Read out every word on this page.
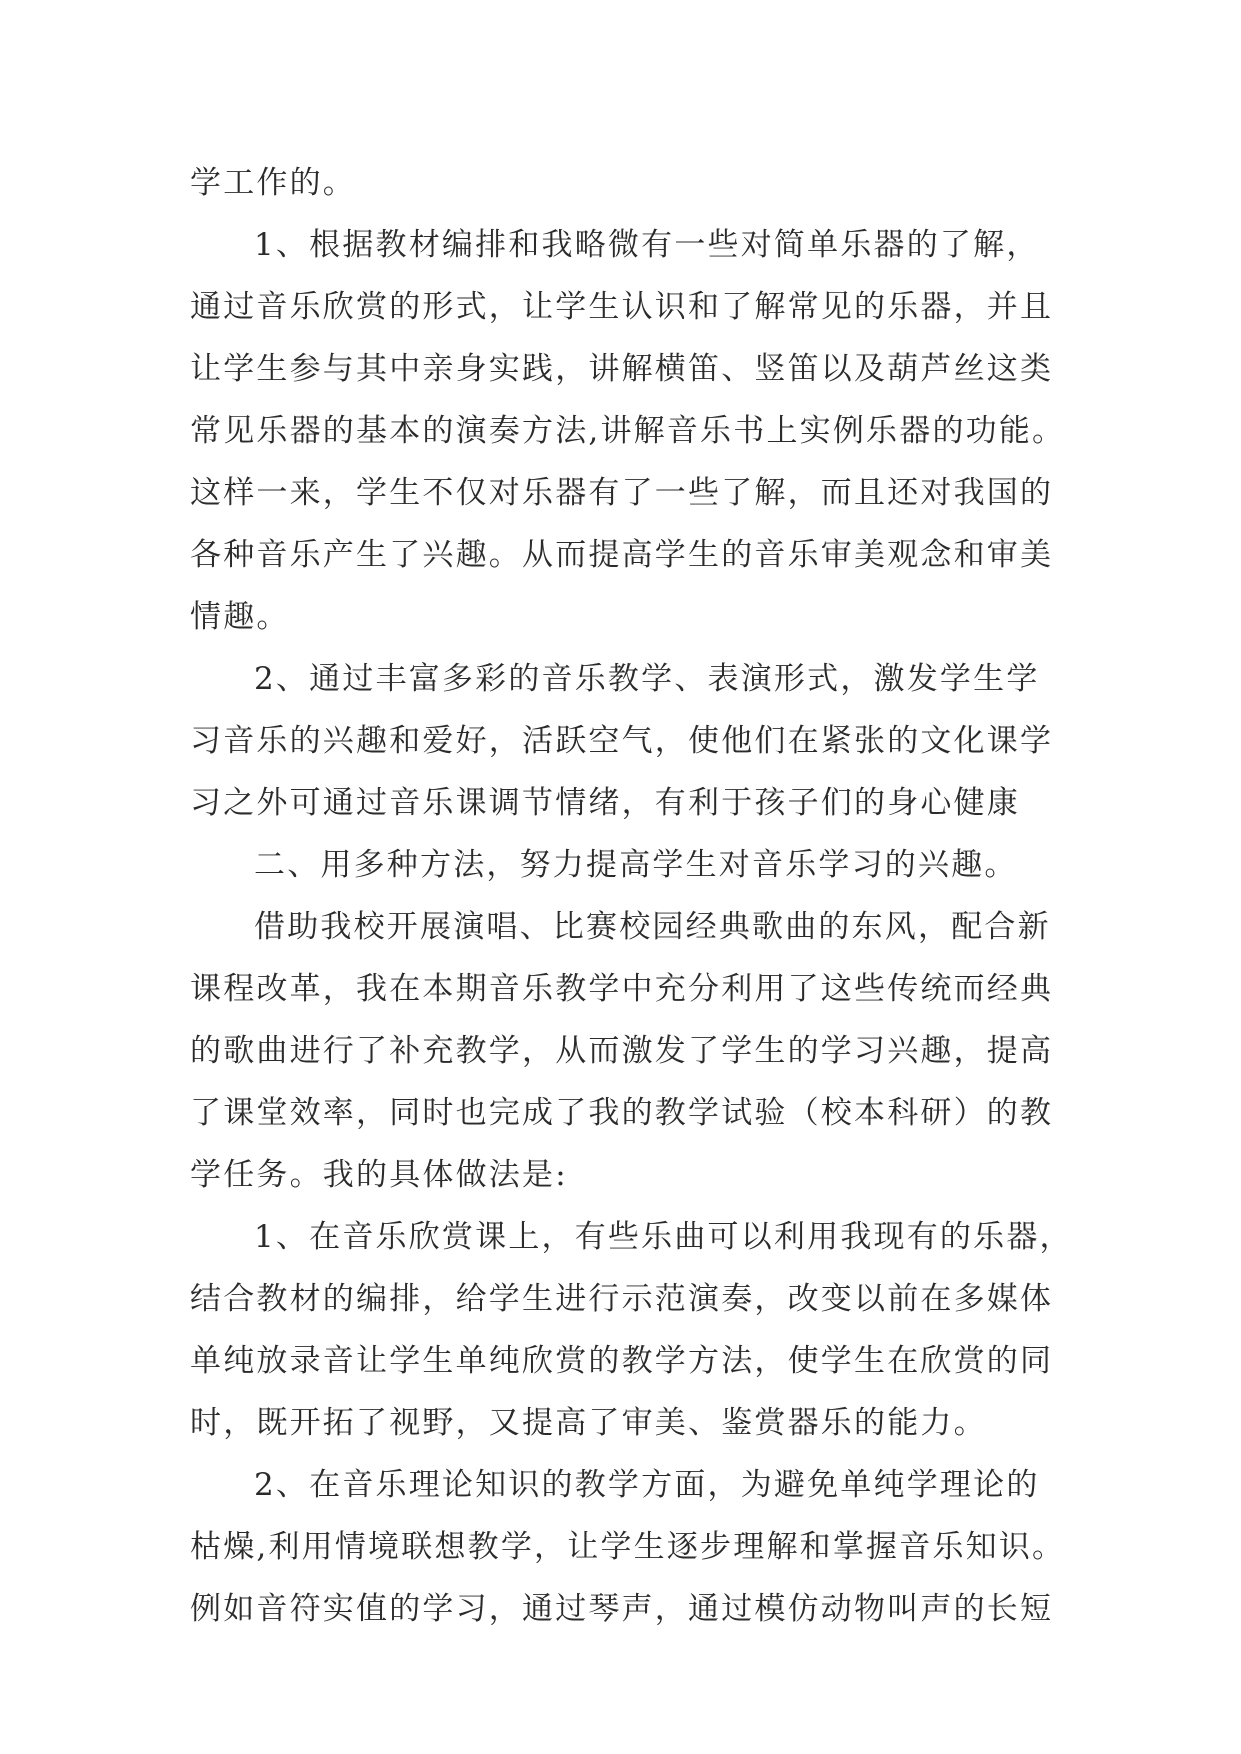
学工作的。
1、根据教材编排和我略微有一些对简单乐器的了解，
通过音乐欣赏的形式，让学生认识和了解常见的乐器，并且
让学生参与其中亲身实践，讲解横笛、竖笛以及葫芦丝这类
常见乐器的基本的演奏方法,讲解音乐书上实例乐器的功能。
这样一来，学生不仅对乐器有了一些了解，而且还对我国的
各种音乐产生了兴趣。从而提高学生的音乐审美观念和审美
情趣。
2、通过丰富多彩的音乐教学、表演形式，激发学生学
习音乐的兴趣和爱好，活跃空气，使他们在紧张的文化课学
习之外可通过音乐课调节情绪，有利于孩子们的身心健康
二、用多种方法，努力提高学生对音乐学习的兴趣。
借助我校开展演唱、比赛校园经典歌曲的东风，配合新
课程改革，我在本期音乐教学中充分利用了这些传统而经典
的歌曲进行了补充教学，从而激发了学生的学习兴趣，提高
了课堂效率，同时也完成了我的教学试验（校本科研）的教
学任务。我的具体做法是:
1、在音乐欣赏课上，有些乐曲可以利用我现有的乐器，
结合教材的编排，给学生进行示范演奏，改变以前在多媒体
单纯放录音让学生单纯欣赏的教学方法，使学生在欣赏的同
时，既开拓了视野，又提高了审美、鉴赏器乐的能力。
2、在音乐理论知识的教学方面，为避免单纯学理论的
枯燥,利用情境联想教学，让学生逐步理解和掌握音乐知识。
例如音符实值的学习，通过琴声，通过模仿动物叫声的长短
